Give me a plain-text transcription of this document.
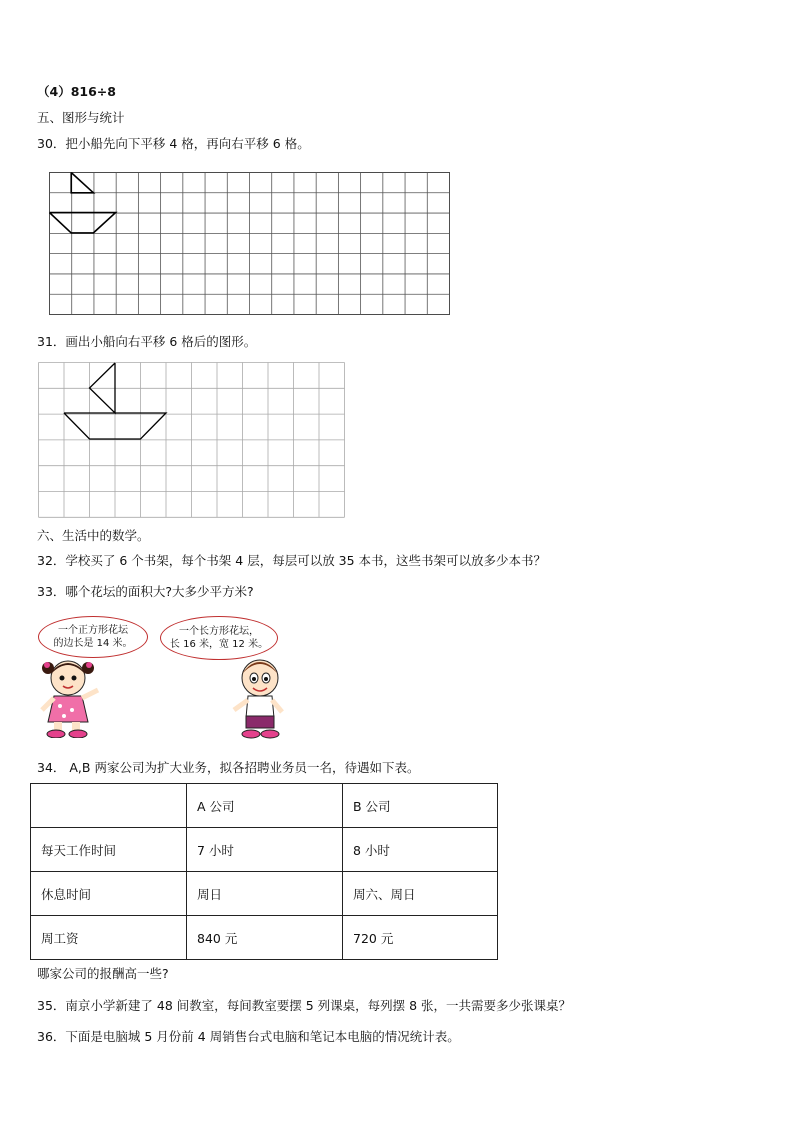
（4）816÷8
五、图形与统计
30．把小船先向下平移 4 格，再向右平移 6 格。
31．画出小船向右平移 6 格后的图形。
六、生活中的数学。
32．学校买了 6 个书架，每个书架 4 层，每层可以放 35 本书，这些书架可以放多少本书？
33．哪个花坛的面积大?大多少平方米?
一个正方形花坛
的边长是 14 米。
一个长方形花坛，
长 16 米，宽 12 米。
34． A,B 两家公司为扩大业务，拟各招聘业务员一名，待遇如下表。
	A 公司	B 公司
每天工作时间	7 小时	8 小时
休息时间	周日	周六、周日
周工资	840 元	720 元
哪家公司的报酬高一些?
35．南京小学新建了 48 间教室，每间教室要摆 5 列课桌，每列摆 8 张，一共需要多少张课桌？
36．下面是电脑城 5 月份前 4 周销售台式电脑和笔记本电脑的情况统计表。
